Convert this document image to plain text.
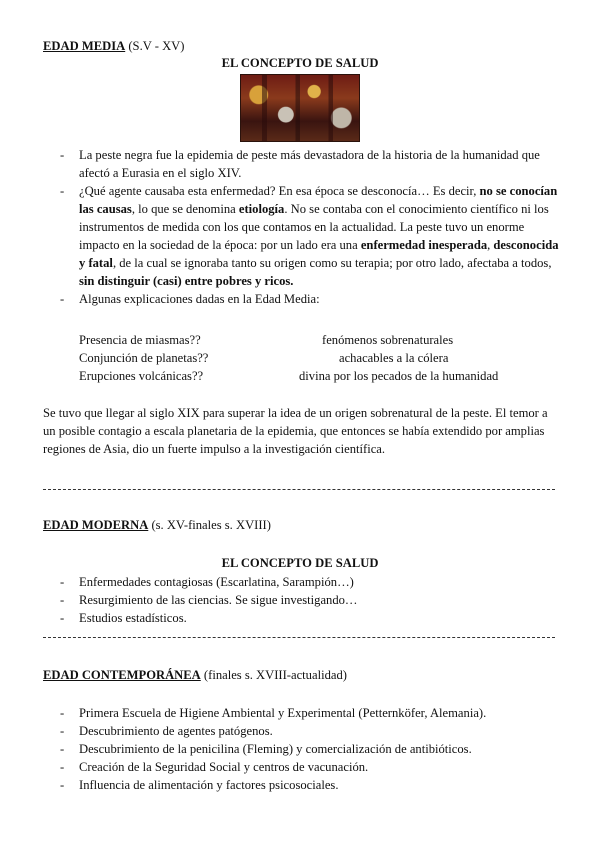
EDAD MEDIA (S.V - XV)
EL CONCEPTO DE SALUD
- La peste negra fue la epidemia de peste más devastadora de la historia de la humanidad que afectó a Eurasia en el siglo XIV.
- ¿Qué agente causaba esta enfermedad? En esa época se desconocía… Es decir, no se conocían las causas, lo que se denomina etiología. No se contaba con el conocimiento científico ni los instrumentos de medida con los que contamos en la actualidad. La peste tuvo un enorme impacto en la sociedad de la época: por un lado era una enfermedad inesperada, desconocida y fatal, de la cual se ignoraba tanto su origen como su terapia; por otro lado, afectaba a todos, sin distinguir (casi) entre pobres y ricos.
- Algunas explicaciones dadas en la Edad Media:
Presencia de miasmas??	fenómenos sobrenaturales
Conjunción de planetas??	achacables a la cólera
Erupciones volcánicas??	divina por los pecados de la humanidad
Se tuvo que llegar al siglo XIX para superar la idea de un origen sobrenatural de la peste. El temor a un posible contagio a escala planetaria de la epidemia, que entonces se había extendido por amplias regiones de Asia, dio un fuerte impulso a la investigación científica.
EDAD MODERNA (s. XV-finales s. XVIII)
EL CONCEPTO DE SALUD
- Enfermedades contagiosas (Escarlatina, Sarampión…)
- Resurgimiento de las ciencias. Se sigue investigando…
- Estudios estadísticos.
EDAD CONTEMPORÁNEA (finales s. XVIII-actualidad)
- Primera Escuela de Higiene Ambiental y Experimental (Petternköfer, Alemania).
- Descubrimiento de agentes patógenos.
- Descubrimiento de la penicilina (Fleming) y comercialización de antibióticos.
- Creación de la Seguridad Social y centros de vacunación.
- Influencia de alimentación y factores psicosociales.
